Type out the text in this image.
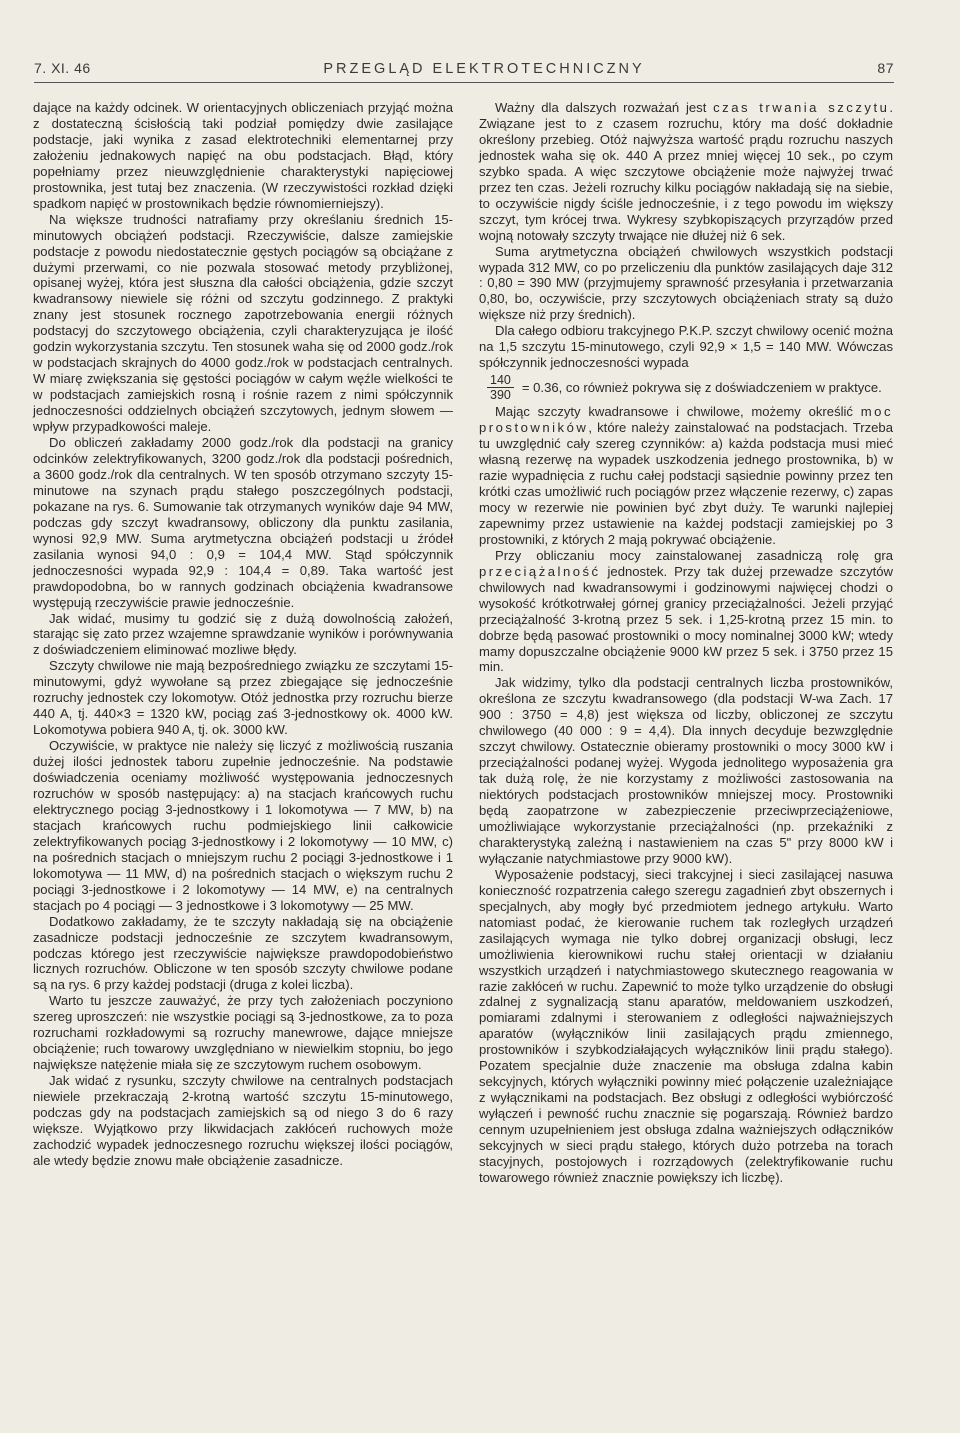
7. XI. 46	PRZEGLĄD ELEKTROTECHNICZNY	87

dające na każdy odcinek. W orientacyjnych obliczeniach przyjąć można z dostateczną ścisłością taki podział pomiędzy dwie zasilające podstacje, jaki wynika z zasad elektrotechniki elementarnej przy założeniu jednakowych napięć na obu podstacjach. Błąd, który popełniamy przez nieuwzględnienie charakterystyki napięciowej prostownika, jest tutaj bez znaczenia. (W rzeczywistości rozkład dzięki spadkom napięć w prostownikach będzie równomierniejszy).

Na większe trudności natrafiamy przy określaniu średnich 15-minutowych obciążeń podstacji. Rzeczywiście, dalsze zamiejskie podstacje z powodu niedostatecznie gęstych pociągów są obciążane z dużymi przerwami, co nie pozwala stosować metody przybliżonej, opisanej wyżej, która jest słuszna dla całości obciążenia, gdzie szczyt kwadransowy niewiele się różni od szczytu godzinnego. Z praktyki znany jest stosunek rocznego zapotrzebowania energii różnych podstacyj do szczytowego obciążenia, czyli charakteryzująca je ilość godzin wykorzystania szczytu. Ten stosunek waha się od 2000 godz./rok w podstacjach skrajnych do 4000 godz./rok w podstacjach centralnych. W miarę zwiększania się gęstości pociągów w całym węźle wielkości te w podstacjach zamiejskich rosną i rośnie razem z nimi spółczynnik jednoczesności oddzielnych obciążeń szczytowych, jednym słowem — wpływ przypadkowości maleje.

Do obliczeń zakładamy 2000 godz./rok dla podstacji na granicy odcinków zelektryfikowanych, 3200 godz./rok dla podstacji pośrednich, a 3600 godz./rok dla centralnych. W ten sposób otrzymano szczyty 15-minutowe na szynach prądu stałego poszczególnych podstacji, pokazane na rys. 6. Sumowanie tak otrzymanych wyników daje 94 MW, podczas gdy szczyt kwadransowy, obliczony dla punktu zasilania, wynosi 92,9 MW. Suma arytmetyczna obciążeń podstacji u źródeł zasilania wynosi 94,0 : 0,9 = 104,4 MW. Stąd spółczynnik jednoczesności wypada 92,9 : 104,4 = 0,89. Taka wartość jest prawdopodobna, bo w rannych godzinach obciążenia kwadransowe występują rzeczywiście prawie jednocześnie.

Jak widać, musimy tu godzić się z dużą dowolnością założeń, starając się zato przez wzajemne sprawdzanie wyników i porównywania z doświadczeniem eliminować mozliwe błędy.

Szczyty chwilowe nie mają bezpośredniego związku ze szczytami 15-minutowymi, gdyż wywołane są przez zbiegające się jednocześnie rozruchy jednostek czy lokomotyw. Otóż jednostka przy rozruchu bierze 440 A, tj. 440×3 = 1320 kW, pociąg zaś 3-jednostkowy ok. 4000 kW. Lokomotywa pobiera 940 A, tj. ok. 3000 kW.

Oczywiście, w praktyce nie należy się liczyć z możliwością ruszania dużej ilości jednostek taboru zupełnie jednocześnie. Na podstawie doświadczenia oceniamy możliwość występowania jednoczesnych rozruchów w sposób następujący: a) na stacjach krańcowych ruchu elektrycznego pociąg 3-jednostkowy i 1 lokomotywa — 7 MW, b) na stacjach krańcowych ruchu podmiejskiego linii całkowicie zelektryfikowanych pociąg 3-jednostkowy i 2 lokomotywy — 10 MW, c) na pośrednich stacjach o mniejszym ruchu 2 pociągi 3-jednostkowe i 1 lokomotywa — 11 MW, d) na pośrednich stacjach o większym ruchu 2 pociągi 3-jednostkowe i 2 lokomotywy — 14 MW, e) na centralnych stacjach po 4 pociągi — 3 jednostkowe i 3 lokomotywy — 25 MW.

Dodatkowo zakładamy, że te szczyty nakładają się na obciążenie zasadnicze podstacji jednocześnie ze szczytem kwadransowym, podczas którego jest rzeczywiście największe prawdopodobieństwo licznych rozruchów. Obliczone w ten sposób szczyty chwilowe podane są na rys. 6 przy każdej podstacji (druga z kolei liczba).

Warto tu jeszcze zauważyć, że przy tych założeniach poczyniono szereg uproszczeń: nie wszystkie pociągi są 3-jednostkowe, za to poza rozruchami rozkładowymi są rozruchy manewrowe, dające mniejsze obciążenie; ruch towarowy uwzględniano w niewielkim stopniu, bo jego największe natężenie miała się ze szczytowym ruchem osobowym.

Jak widać z rysunku, szczyty chwilowe na centralnych podstacjach niewiele przekraczają 2-krotną wartość szczytu 15-minutowego, podczas gdy na podstacjach zamiejskich są od niego 3 do 6 razy większe. Wyjątkowo przy likwidacjach zakłóceń ruchowych może zachodzić wypadek jednoczesnego rozruchu większej ilości pociągów, ale wtedy będzie znowu małe obciążenie zasadnicze.

Ważny dla dalszych rozważań jest czas trwania szczytu. Związane jest to z czasem rozruchu, który ma dość dokładnie określony przebieg. Otóż najwyższa wartość prądu rozruchu naszych jednostek waha się ok. 440 A przez mniej więcej 10 sek., po czym szybko spada. A więc szczytowe obciążenie może najwyżej trwać przez ten czas. Jeżeli rozruchy kilku pociągów nakładają się na siebie, to oczywiście nigdy ściśle jednocześnie, i z tego powodu im większy szczyt, tym krócej trwa. Wykresy szybkopiszących przyrządów przed wojną notowały szczyty trwające nie dłużej niż 6 sek.

Suma arytmetyczna obciążeń chwilowych wszystkich podstacji wypada 312 MW, co po przeliczeniu dla punktów zasilających daje 312 : 0,80 = 390 MW (przyjmujemy sprawność przesyłania i przetwarzania 0,80, bo, oczywiście, przy szczytowych obciążeniach straty są dużo większe niż przy średnich).

Dla całego odbioru trakcyjnego P.K.P. szczyt chwilowy ocenić można na 1,5 szczytu 15-minutowego, czyli 92,9 × 1,5 = 140 MW. Wówczas spółczynnik jednoczesności wypada

$\frac{140}{390} = 0.36$, co również pokrywa się z doświadczeniem w praktyce.

Mając szczyty kwadransowe i chwilowe, możemy określić moc prostowników, które należy zainstalować na podstacjach. Trzeba tu uwzględnić cały szereg czynników: a) każda podstacja musi mieć własną rezerwę na wypadek uszkodzenia jednego prostownika, b) w razie wypadnięcia z ruchu całej podstacji sąsiednie powinny przez ten krótki czas umożliwić ruch pociągów przez włączenie rezerwy, c) zapas mocy w rezerwie nie powinien być zbyt duży. Te warunki najlepiej zapewnimy przez ustawienie na każdej podstacji zamiejskiej po 3 prostowniki, z których 2 mają pokrywać obciążenie.

Przy obliczaniu mocy zainstalowanej zasadniczą rolę gra przeciążalność jednostek. Przy tak dużej przewadze szczytów chwilowych nad kwadransowymi i godzinowymi najwięcej chodzi o wysokość krótkotrwałej górnej granicy przeciążalności. Jeżeli przyjąć przeciążalność 3-krotną przez 5 sek. i 1,25-krotną przez 15 min. to dobrze będą pasować prostowniki o mocy nominalnej 3000 kW; wtedy mamy dopuszczalne obciążenie 9000 kW przez 5 sek. i 3750 przez 15 min.

Jak widzimy, tylko dla podstacji centralnych liczba prostowników, określona ze szczytu kwadransowego (dla podstacji W-wa Zach. 17 900 : 3750 = 4,8) jest większa od liczby, obliczonej ze szczytu chwilowego (40 000 : 9 = 4,4). Dla innych decyduje bezwzględnie szczyt chwilowy. Ostatecznie obieramy prostowniki o mocy 3000 kW i przeciążalności podanej wyżej. Wygoda jednolitego wyposażenia gra tak dużą rolę, że nie korzystamy z możliwości zastosowania na niektórych podstacjach prostowników mniejszej mocy. Prostowniki będą zaopatrzone w zabezpieczenie przeciwprzeciążeniowe, umożliwiające wykorzystanie przeciążalności (np. przekaźniki z charakterystyką zależną i nastawieniem na czas 5" przy 8000 kW i wyłączanie natychmiastowe przy 9000 kW).

Wyposażenie podstacyj, sieci trakcyjnej i sieci zasilającej nasuwa konieczność rozpatrzenia całego szeregu zagadnień zbyt obszernych i specjalnych, aby mogły być przedmiotem jednego artykułu. Warto natomiast podać, że kierowanie ruchem tak rozległych urządzeń zasilających wymaga nie tylko dobrej organizacji obsługi, lecz umożliwienia kierownikowi ruchu stałej orientacji w działaniu wszystkich urządzeń i natychmiastowego skutecznego reagowania w razie zakłóceń w ruchu. Zapewnić to może tylko urządzenie do obsługi zdalnej z sygnalizacją stanu aparatów, meldowaniem uszkodzeń, pomiarami zdalnymi i sterowaniem z odległości najważniejszych aparatów (wyłączników linii zasilających prądu zmiennego, prostowników i szybkodziałających wyłączników linii prądu stałego). Pozatem specjalnie duże znaczenie ma obsługa zdalna kabin sekcyjnych, których wyłączniki powinny mieć połączenie uzależniające z wyłącznikami na podstacjach. Bez obsługi z odległości wybiórczość wyłączeń i pewność ruchu znacznie się pogarszają. Również bardzo cennym uzupełnieniem jest obsługa zdalna ważniejszych odłączników sekcyjnych w sieci prądu stałego, których dużo potrzeba na torach stacyjnych, postojowych i rozrządowych (zelektryfikowanie ruchu towarowego również znacznie powiększy ich liczbę).
